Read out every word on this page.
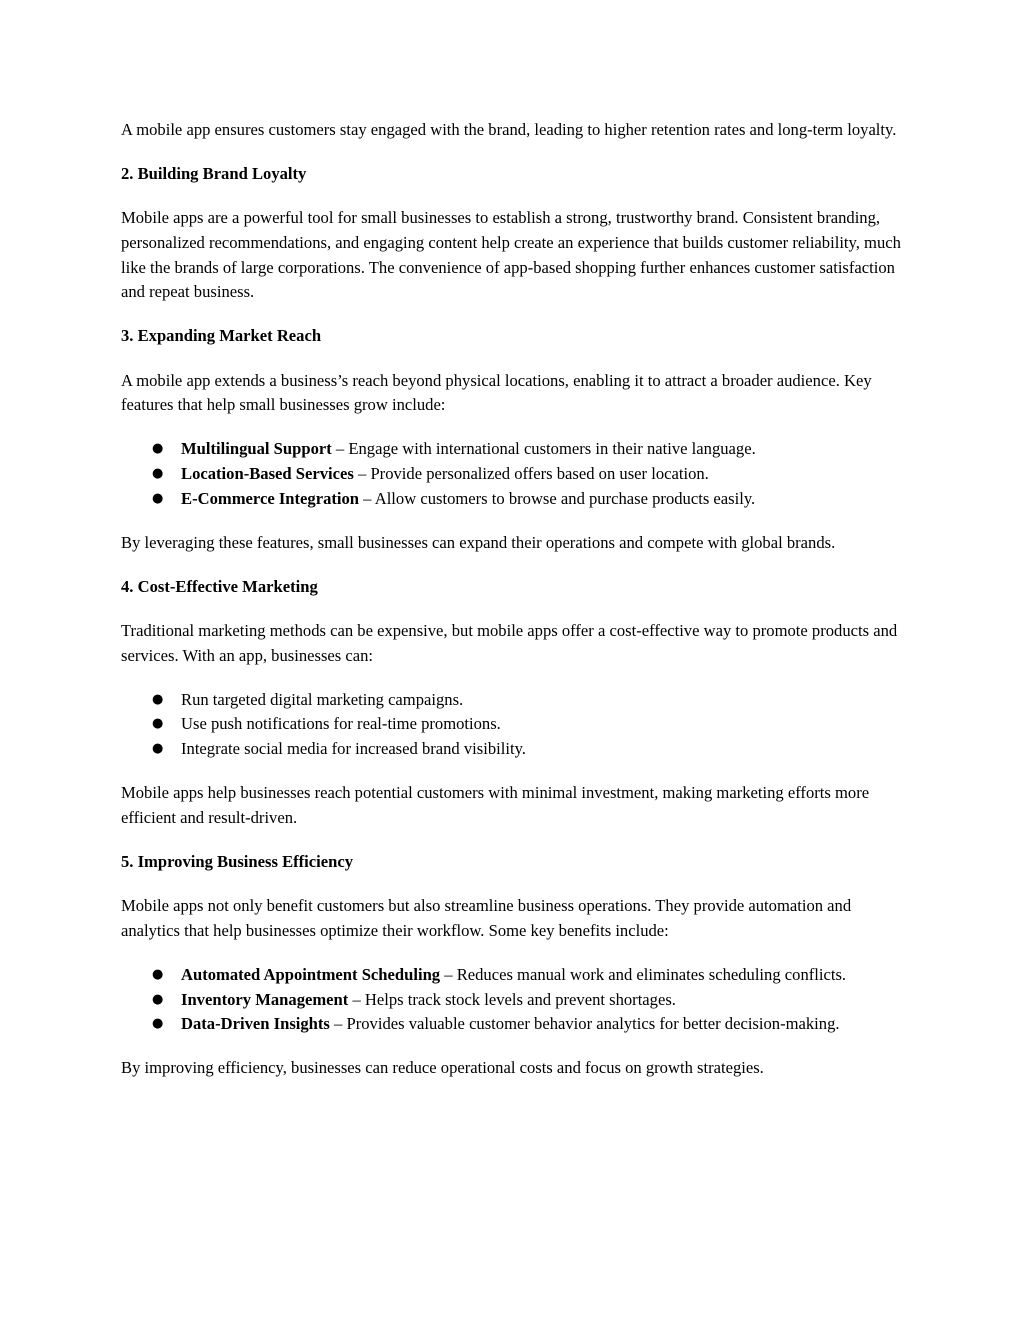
A mobile app ensures customers stay engaged with the brand, leading to higher retention rates and long-term loyalty.

2. Building Brand Loyalty

Mobile apps are a powerful tool for small businesses to establish a strong, trustworthy brand. Consistent branding, personalized recommendations, and engaging content help create an experience that builds customer reliability, much like the brands of large corporations. The convenience of app-based shopping further enhances customer satisfaction and repeat business.

3. Expanding Market Reach

A mobile app extends a business’s reach beyond physical locations, enabling it to attract a broader audience. Key features that help small businesses grow include:

● Multilingual Support – Engage with international customers in their native language.
● Location-Based Services – Provide personalized offers based on user location.
● E-Commerce Integration – Allow customers to browse and purchase products easily.

By leveraging these features, small businesses can expand their operations and compete with global brands.

4. Cost-Effective Marketing

Traditional marketing methods can be expensive, but mobile apps offer a cost-effective way to promote products and services. With an app, businesses can:

● Run targeted digital marketing campaigns.
● Use push notifications for real-time promotions.
● Integrate social media for increased brand visibility.

Mobile apps help businesses reach potential customers with minimal investment, making marketing efforts more efficient and result-driven.

5. Improving Business Efficiency

Mobile apps not only benefit customers but also streamline business operations. They provide automation and analytics that help businesses optimize their workflow. Some key benefits include:

● Automated Appointment Scheduling – Reduces manual work and eliminates scheduling conflicts.
● Inventory Management – Helps track stock levels and prevent shortages.
● Data-Driven Insights – Provides valuable customer behavior analytics for better decision-making.

By improving efficiency, businesses can reduce operational costs and focus on growth strategies.
